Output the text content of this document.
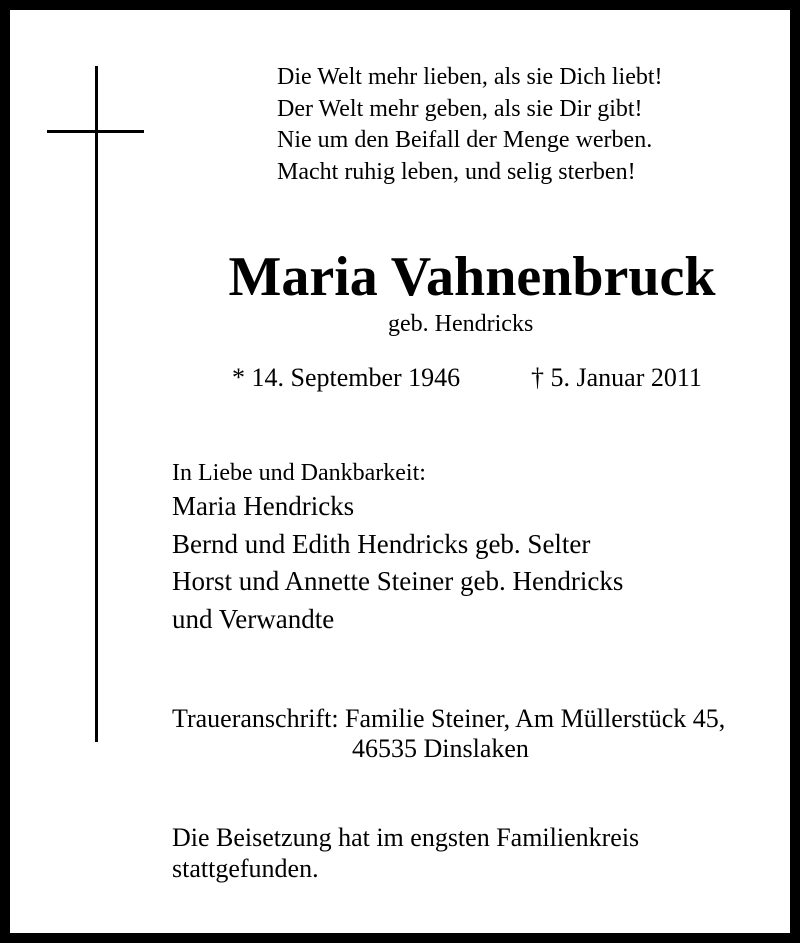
Die Welt mehr lieben, als sie Dich liebt!
Der Welt mehr geben, als sie Dir gibt!
Nie um den Beifall der Menge werben.
Macht ruhig leben, und selig sterben!
Maria Vahnenbruck
geb. Hendricks
* 14. September 1946	† 5. Januar 2011
In Liebe und Dankbarkeit:
Maria Hendricks
Bernd und Edith Hendricks geb. Selter
Horst und Annette Steiner geb. Hendricks
und Verwandte
Traueranschrift: Familie Steiner, Am Müllerstück 45,
46535 Dinslaken
Die Beisetzung hat im engsten Familienkreis
stattgefunden.
